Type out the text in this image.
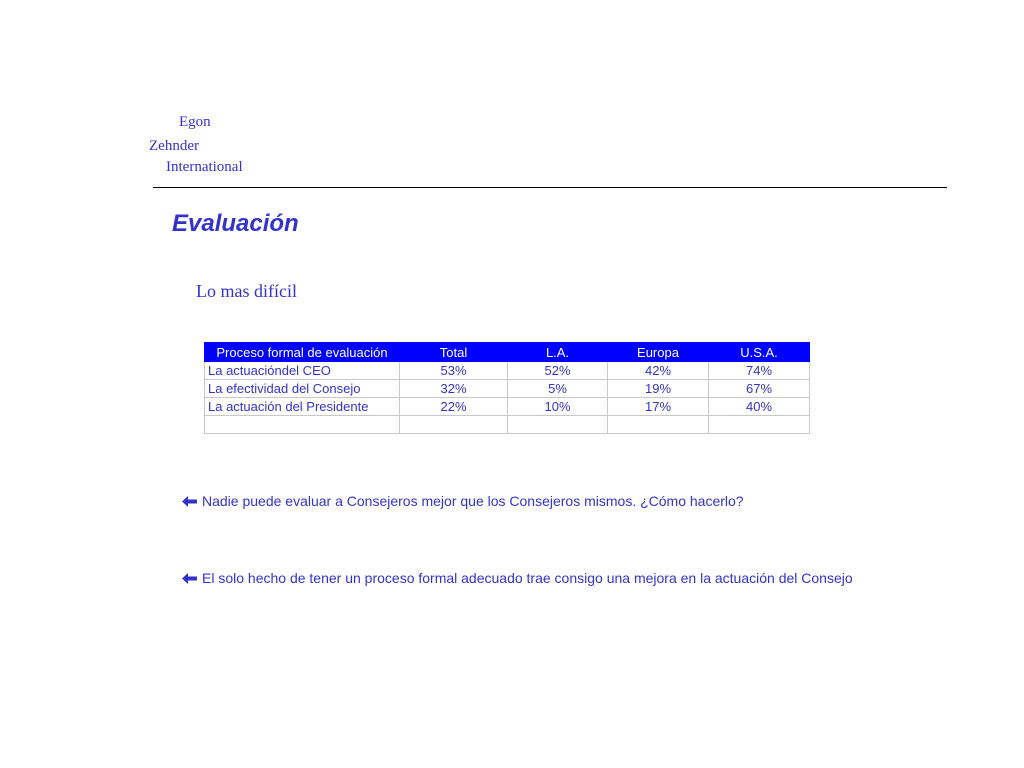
Egon
Zehnder
International
Evaluación
Lo mas difícil
Proceso formal de evaluación	Total	L.A.	Europa	U.S.A.
La actuacióndel CEO	53%	52%	42%	74%
La efectividad del Consejo	32%	5%	19%	67%
La actuación del Presidente	22%	10%	17%	40%

Nadie puede evaluar a Consejeros mejor que los Consejeros mismos. ¿Cómo hacerlo?
El solo hecho de tener un proceso formal adecuado trae consigo una mejora en la actuación del Consejo
